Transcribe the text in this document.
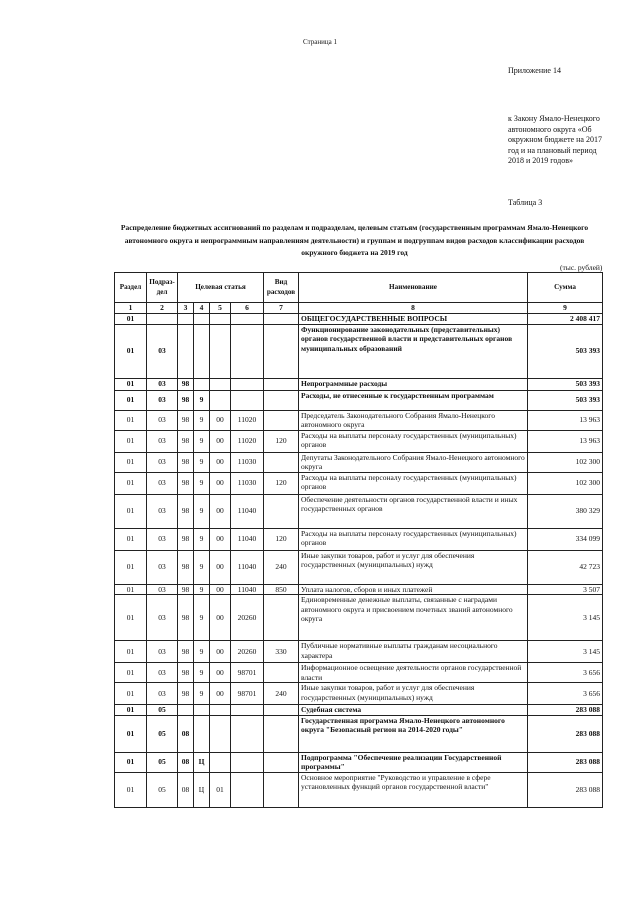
Страница 1
Приложение 14
к Закону Ямало-Ненецкого автономного округа «Об окружном бюджете на 2017 год и на плановый период 2018 и 2019 годов»
Таблица 3
Распределение бюджетных ассигнований по разделам и подразделам, целевым статьям (государственным программам Ямало-Ненецкого автономного округа и непрограммным направлениям деятельности) и группам и подгруппам видов расходов классификации расходов окружного бюджета на 2019 год
(тыс. рублей)
Раздел	Подраз-дел	Целевая статья				Вид расходов	Наименование	Сумма
1	2	3	4	5	6	7	8	9
01							ОБЩЕГОСУДАРСТВЕННЫЕ ВОПРОСЫ	2 408 417
01	03						Функционирование законодательных (представительных) органов государственной власти и представительных органов муниципальных образований	503 393
01	03	98					Непрограммные расходы	503 393
01	03	98	9				Расходы, не отнесенные к государственным программам	503 393
01	03	98	9	00	11020		Председатель Законодательного Собрания Ямало-Ненецкого автономного округа	13 963
01	03	98	9	00	11020	120	Расходы на выплаты персоналу государственных (муниципальных) органов	13 963
01	03	98	9	00	11030		Депутаты Законодательного Собрания Ямало-Ненецкого автономного округа	102 300
01	03	98	9	00	11030	120	Расходы на выплаты персоналу государственных (муниципальных) органов	102 300
01	03	98	9	00	11040		Обеспечение деятельности органов государственной власти и иных государственных органов	380 329
01	03	98	9	00	11040	120	Расходы на выплаты персоналу государственных (муниципальных) органов	334 099
01	03	98	9	00	11040	240	Иные закупки товаров, работ и услуг для обеспечения государственных (муниципальных) нужд	42 723
01	03	98	9	00	11040	850	Уплата налогов, сборов и иных платежей	3 507
01	03	98	9	00	20260		Единовременные денежные выплаты, связанные с наградами автономного округа и присвоением почетных званий автономного округа	3 145
01	03	98	9	00	20260	330	Публичные нормативные выплаты гражданам несоциального характера	3 145
01	03	98	9	00	98701		Информационное освещение деятельности органов государственной власти	3 656
01	03	98	9	00	98701	240	Иные закупки товаров, работ и услуг для обеспечения государственных (муниципальных) нужд	3 656
01	05						Судебная система	283 088
01	05	08					Государственная программа Ямало-Ненецкого автономного округа "Безопасный регион на 2014-2020 годы"	283 088
01	05	08	Ц				Подпрограмма "Обеспечение реализации Государственной программы"	283 088
01	05	08	Ц	01			Основное мероприятие "Руководство и управление в сфере установленных функций органов государственной власти"	283 088
